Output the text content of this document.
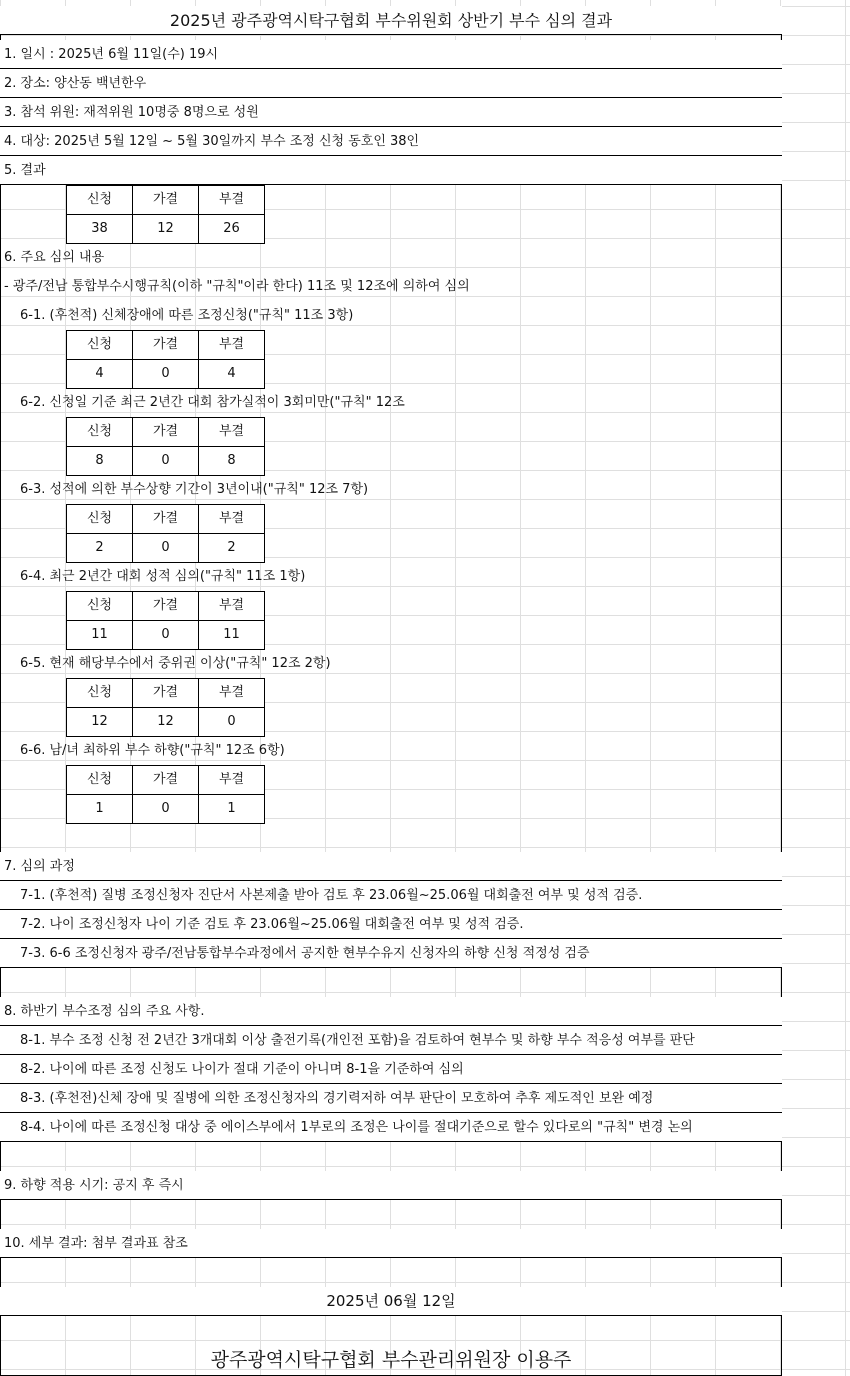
2025년 광주광역시탁구협회 부수위원회 상반기 부수 심의 결과
1. 일시 : 2025년 6월 11일(수) 19시
2. 장소: 양산동 백년한우
3. 참석 위원: 재적위원 10명중 8명으로 성원
4. 대상: 2025년 5월 12일 ~ 5월 30일까지 부수 조정 신청 동호인 38인
5. 결과
신청	가결	부결
38	12	26
6. 주요 심의 내용
- 광주/전남 통합부수시행규칙(이하 "규칙"이라 한다) 11조 및 12조에 의하여 심의
6-1. (후천적) 신체장애에 따른 조정신청("규칙" 11조 3항)
신청	가결	부결
4	0	4
6-2. 신청일 기준 최근 2년간 대회 참가실적이 3회미만("규칙" 12조
신청	가결	부결
8	0	8
6-3. 성적에 의한 부수상향 기간이 3년이내("규칙" 12조 7항)
신청	가결	부결
2	0	2
6-4. 최근 2년간 대회 성적 심의("규칙" 11조 1항)
신청	가결	부결
11	0	11
6-5. 현재 해당부수에서 중위권 이상("규칙" 12조 2항)
신청	가결	부결
12	12	0
6-6. 남/녀 최하위 부수 하향("규칙" 12조 6항)
신청	가결	부결
1	0	1
7. 심의 과정
7-1. (후천적) 질병 조정신청자 진단서 사본제출 받아 검토 후 23.06월~25.06월 대회출전 여부 및 성적 검증.
7-2. 나이 조정신청자 나이 기준 검토 후 23.06월~25.06월 대회출전 여부 및 성적 검증.
7-3. 6-6 조정신청자 광주/전남통합부수과정에서 공지한 현부수유지 신청자의 하향 신청 적정성 검증
8. 하반기 부수조정 심의 주요 사항.
8-1. 부수 조정 신청 전 2년간 3개대회 이상 출전기록(개인전 포함)을 검토하여 현부수 및 하향 부수 적응성 여부를 판단
8-2. 나이에 따른 조정 신청도 나이가 절대 기준이 아니며 8-1을 기준하여 심의
8-3. (후천전)신체 장애 및 질병에 의한 조정신청자의 경기력저하 여부 판단이 모호하여 추후 제도적인 보완 예정
8-4. 나이에 따른 조정신청 대상 중 에이스부에서 1부로의 조정은 나이를 절대기준으로 할수 있다로의 "규칙" 변경 논의
9. 하향 적용 시기: 공지 후 즉시
10. 세부 결과: 첨부 결과표 참조
2025년 06월 12일
광주광역시탁구협회 부수관리위원장 이용주
